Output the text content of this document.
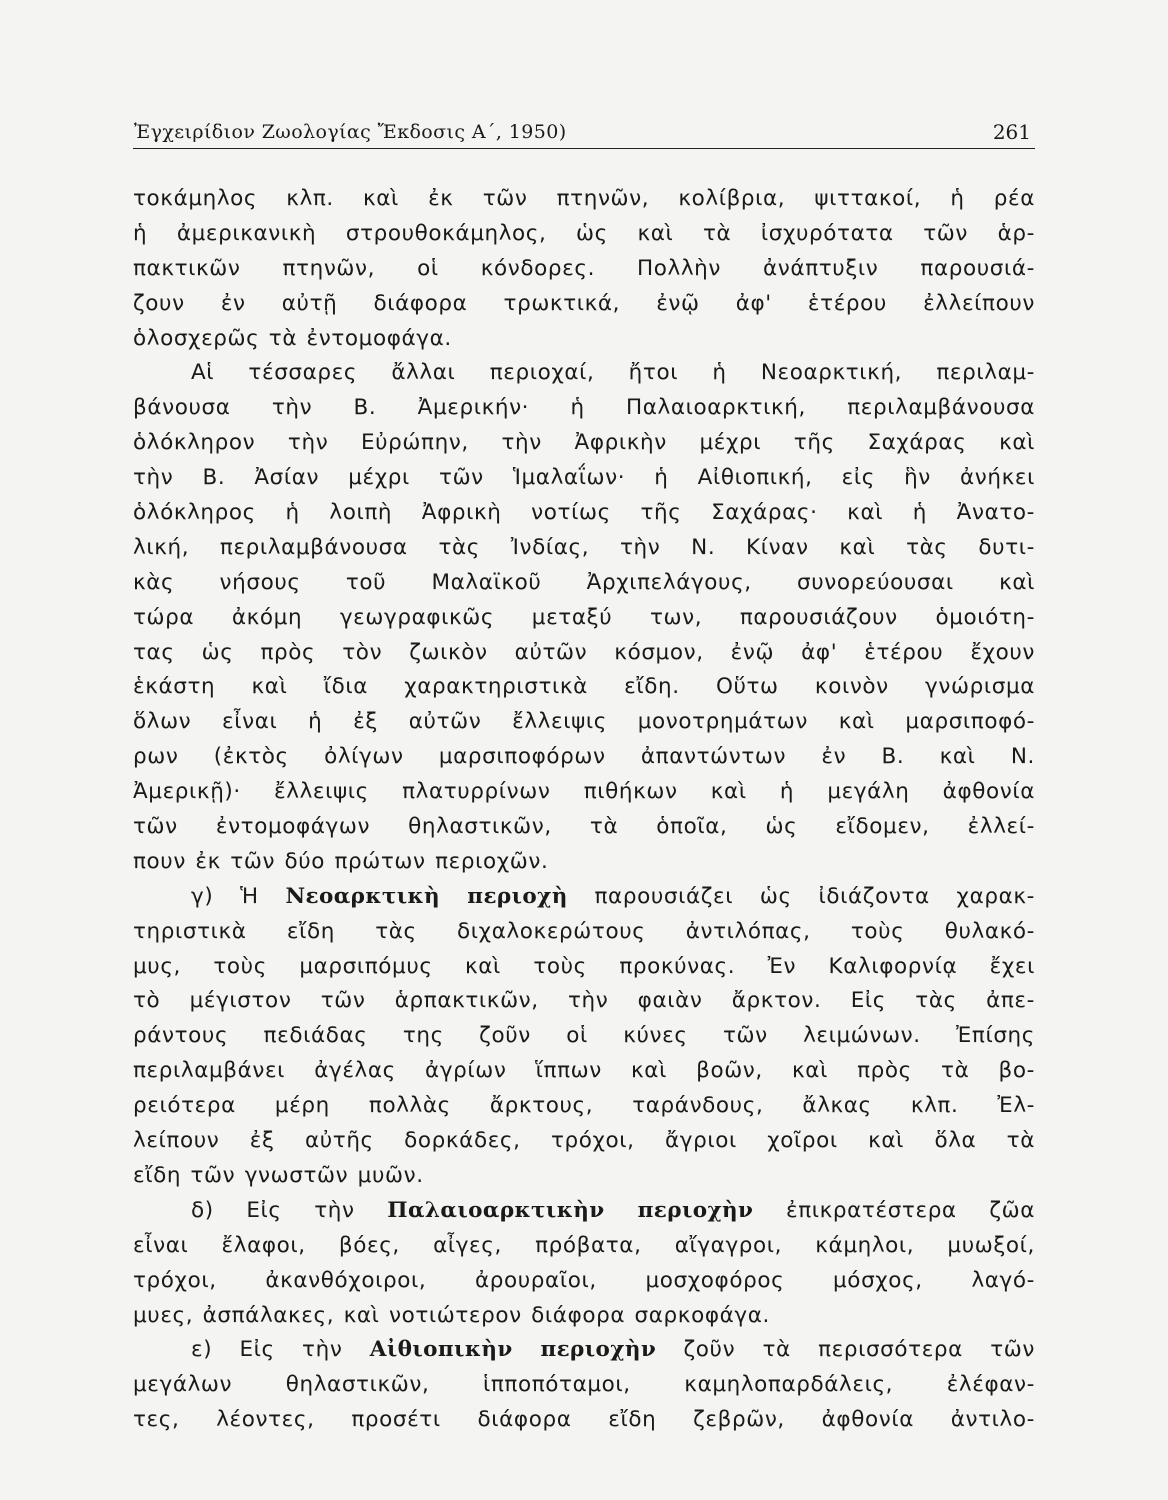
Ἐγχειρίδιον Ζωολογίας Ἔκδοσις Α΄, 1950)	261
τοκάμηλος κλπ. καὶ ἐκ τῶν πτηνῶν, κολίβρια, ψιττακοί, ἡ ρέα
ἡ ἀμερικανικὴ στρουθοκάμηλος, ὡς καὶ τὰ ἰσχυρότατα τῶν ἁρ-
πακτικῶν πτηνῶν, οἱ κόνδορες. Πολλὴν ἀνάπτυξιν παρουσιά-
ζουν ἐν αὐτῇ διάφορα τρωκτικά, ἐνῷ ἀφ' ἑτέρου ἐλλείπουν
ὁλοσχερῶς τὰ ἐντομοφάγα.
Αἱ τέσσαρες ἄλλαι περιοχαί, ἤτοι ἡ Νεοαρκτική, περιλαμ-
βάνουσα τὴν Β. Ἀμερικήν· ἡ Παλαιοαρκτική, περιλαμβάνουσα
ὁλόκληρον τὴν Εὐρώπην, τὴν Ἀφρικὴν μέχρι τῆς Σαχάρας καὶ
τὴν Β. Ἀσίαν μέχρι τῶν Ἱμαλαΐων· ἡ Αἰθιοπική, εἰς ἣν ἀνήκει
ὁλόκληρος ἡ λοιπὴ Ἀφρικὴ νοτίως τῆς Σαχάρας· καὶ ἡ Ἀνατο-
λική, περιλαμβάνουσα τὰς Ἰνδίας, τὴν Ν. Κίναν καὶ τὰς δυτι-
κὰς νήσους τοῦ Μαλαϊκοῦ Ἀρχιπελάγους, συνορεύουσαι καὶ
τώρα ἀκόμη γεωγραφικῶς μεταξύ των, παρουσιάζουν ὁμοιότη-
τας ὡς πρὸς τὸν ζωικὸν αὐτῶν κόσμον, ἐνῷ ἀφ' ἑτέρου ἔχουν
ἑκάστη καὶ ἴδια χαρακτηριστικὰ εἴδη. Οὕτω κοινὸν γνώρισμα
ὅλων εἶναι ἡ ἐξ αὐτῶν ἔλλειψις μονοτρημάτων καὶ μαρσιποφό-
ρων (ἐκτὸς ὀλίγων μαρσιποφόρων ἀπαντώντων ἐν Β. καὶ Ν.
Ἀμερικῇ)· ἔλλειψις πλατυρρίνων πιθήκων καὶ ἡ μεγάλη ἀφθονία
τῶν ἐντομοφάγων θηλαστικῶν, τὰ ὁποῖα, ὡς εἴδομεν, ἐλλεί-
πουν ἐκ τῶν δύο πρώτων περιοχῶν.
γ) Ἡ Νεοαρκτικὴ περιοχὴ παρουσιάζει ὡς ἰδιάζοντα χαρακ-
τηριστικὰ εἴδη τὰς διχαλοκερώτους ἀντιλόπας, τοὺς θυλακό-
μυς, τοὺς μαρσιπόμυς καὶ τοὺς προκύνας. Ἐν Καλιφορνίᾳ ἔχει
τὸ μέγιστον τῶν ἁρπακτικῶν, τὴν φαιὰν ἄρκτον. Εἰς τὰς ἀπε-
ράντους πεδιάδας της ζοῦν οἱ κύνες τῶν λειμώνων. Ἐπίσης
περιλαμβάνει ἀγέλας ἀγρίων ἵππων καὶ βοῶν, καὶ πρὸς τὰ βο-
ρειότερα μέρη πολλὰς ἄρκτους, ταράνδους, ἄλκας κλπ. Ἐλ-
λείπουν ἐξ αὐτῆς δορκάδες, τρόχοι, ἄγριοι χοῖροι καὶ ὅλα τὰ
εἴδη τῶν γνωστῶν μυῶν.
δ) Εἰς τὴν Παλαιοαρκτικὴν περιοχὴν ἐπικρατέστερα ζῶα
εἶναι ἔλαφοι, βόες, αἶγες, πρόβατα, αἴγαγροι, κάμηλοι, μυωξοί,
τρόχοι, ἀκανθόχοιροι, ἀρουραῖοι, μοσχοφόρος μόσχος, λαγό-
μυες, ἀσπάλακες, καὶ νοτιώτερον διάφορα σαρκοφάγα.
ε) Εἰς τὴν Αἰθιοπικὴν περιοχὴν ζοῦν τὰ περισσότερα τῶν
μεγάλων θηλαστικῶν, ἱπποπόταμοι, καμηλοπαρδάλεις, ἐλέφαν-
τες, λέοντες, προσέτι διάφορα εἴδη ζεβρῶν, ἀφθονία ἀντιλο-
